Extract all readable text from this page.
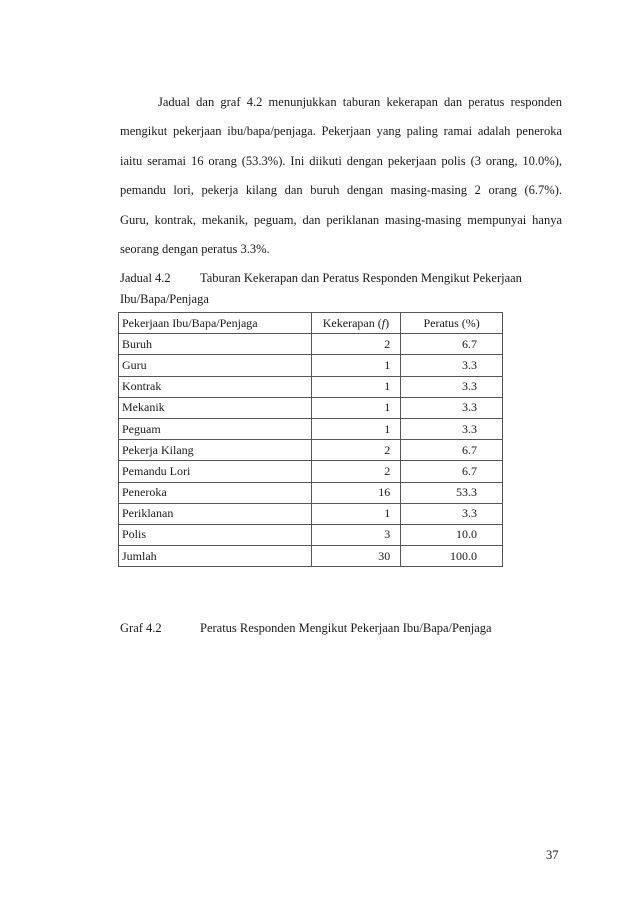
Jadual dan graf 4.2 menunjukkan taburan kekerapan dan peratus responden
mengikut pekerjaan ibu/bapa/penjaga. Pekerjaan yang paling ramai adalah peneroka
iaitu seramai 16 orang (53.3%). Ini diikuti dengan pekerjaan polis (3 orang, 10.0%),
pemandu lori, pekerja kilang dan buruh dengan masing-masing 2 orang (6.7%).
Guru, kontrak, mekanik, peguam, dan periklanan masing-masing mempunyai hanya
seorang dengan peratus 3.3%.
Jadual 4.2 Taburan Kekerapan dan Peratus Responden Mengikut Pekerjaan
Ibu/Bapa/Penjaga
Pekerjaan Ibu/Bapa/Penjaga	Kekerapan (f)	Peratus (%)
Buruh	2	6.7
Guru	1	3.3
Kontrak	1	3.3
Mekanik	1	3.3
Peguam	1	3.3
Pekerja Kilang	2	6.7
Pemandu Lori	2	6.7
Peneroka	16	53.3
Periklanan	1	3.3
Polis	3	10.0
Jumlah	30	100.0
Graf 4.2	Peratus Responden Mengikut Pekerjaan Ibu/Bapa/Penjaga
37
